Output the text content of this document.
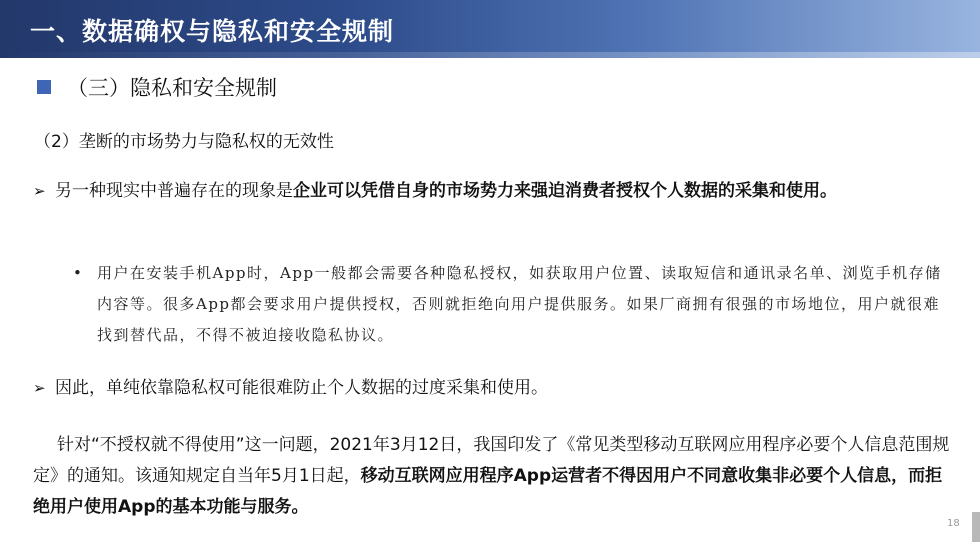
一、数据确权与隐私和安全规制
（三）隐私和安全规制
（2）垄断的市场势力与隐私权的无效性
➢ 另一种现实中普遍存在的现象是企业可以凭借自身的市场势力来强迫消费者授权个人数据的采集和使用。
• 用户在安装手机App时，App一般都会需要各种隐私授权，如获取用户位置、读取短信和通讯录名单、浏览手机存储内容等。很多App都会要求用户提供授权，否则就拒绝向用户提供服务。如果厂商拥有很强的市场地位，用户就很难找到替代品，不得不被迫接收隐私协议。
➢ 因此，单纯依靠隐私权可能很难防止个人数据的过度采集和使用。
针对“不授权就不得使用”这一问题，2021年3月12日，我国印发了《常见类型移动互联网应用程序必要个人信息范围规定》的通知。该通知规定自当年5月1日起，移动互联网应用程序App运营者不得因用户不同意收集非必要个人信息，而拒绝用户使用App的基本功能与服务。
18
